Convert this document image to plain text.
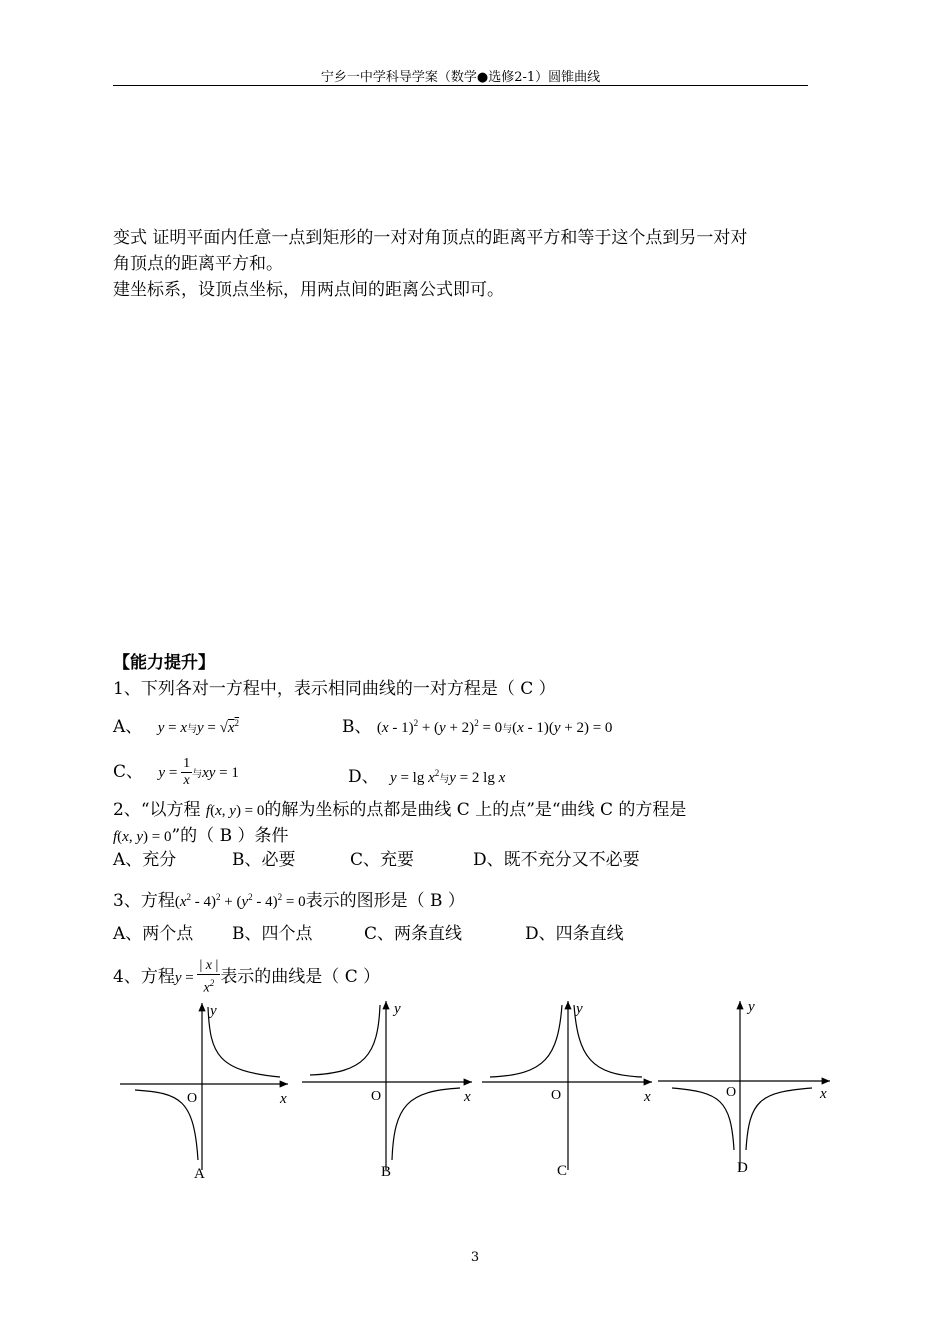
宁乡一中学科导学案（数学●选修2-1）圆锥曲线
变式 证明平面内任意一点到矩形的一对对角顶点的距离平方和等于这个点到另一对对
角顶点的距离平方和。
建坐标系，设顶点坐标，用两点间的距离公式即可。
【能力提升】
1、下列各对一方程中，表示相同曲线的一对方程是（ C ）
A、 y = x与$y = √x^2$	B、 $(x - 1)^2 + (y + 2)^2 = 0$与(x - 1)(y + 2) = 0
C、 $y = \frac{1}{x}$ 与xy = 1	D、 $y = \lg x^2$与y = 2 lg x
2、“以方程 f(x, y) = 0的解为坐标的点都是曲线 C 上的点”是“曲线 C 的方程是
f(x, y) = 0”的（ B ）条件
A、充分	B、必要	C、充要	D、既不充分又不必要
3、方程$(x^2 - 4)^2 + (y^2 - 4)^2 = 0$表示的图形是（ B ）
A、两个点 B、四个点	C、两条直线	D、四条直线
4、方程$y = \frac{| x |}{x^2}$ 表示的曲线是（ C ）
y
x
O
A
y
x
O
B
y
x
O
C
y
x
O
D
3
